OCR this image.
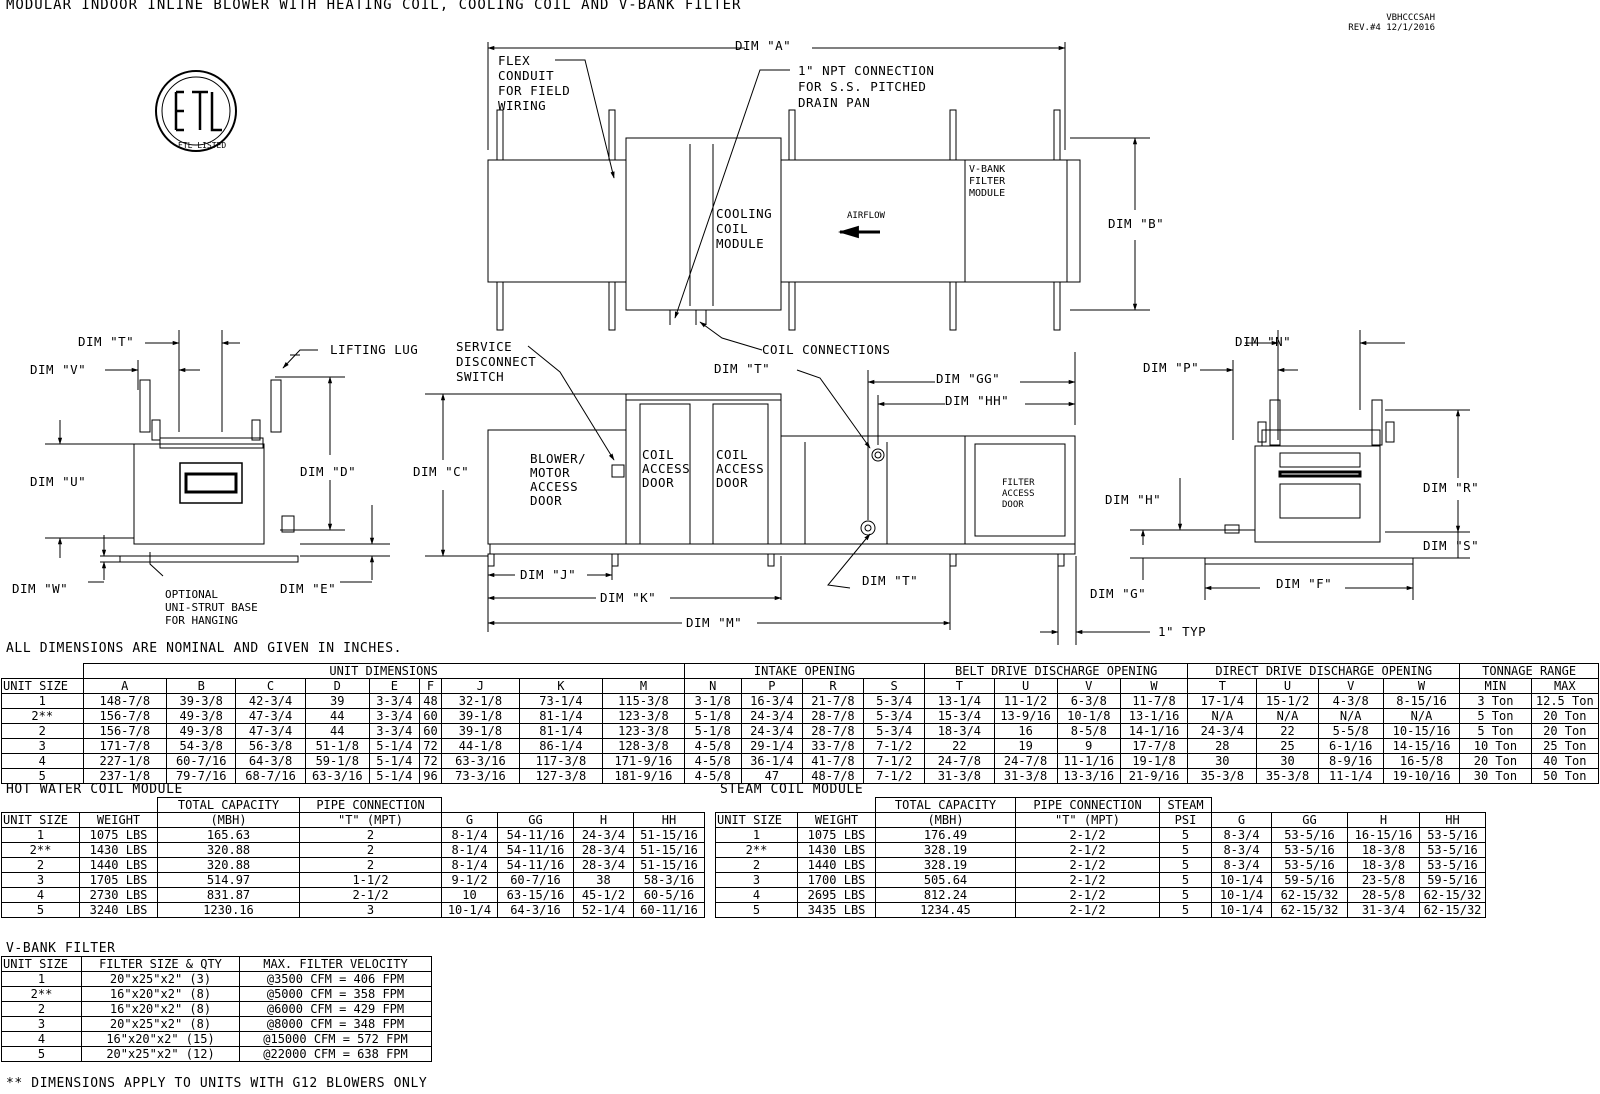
MODULAR INDOOR INLINE BLOWER WITH HEATING COIL, COOLING COIL AND V-BANK FILTER
VBHCCCSAH
REV.#4 12/1/2016
ETL LISTED
DIM "A"
1" NPT CONNECTION
FOR S.S. PITCHED
DRAIN PAN
FLEX
CONDUIT
FOR FIELD
WIRING
COOLING
COIL
MODULE
AIRFLOW
V-BANK
FILTER
MODULE
DIM "B"
COIL CONNECTIONS
LIFTING LUG
DIM "T"
DIM "V"
DIM "U"
DIM "D"
DIM "W"	DIM "E"
OPTIONAL
UNI-STRUT BASE
FOR HANGING
SERVICE
DISCONNECT
SWITCH
DIM "T"
DIM "GG"
DIM "HH"
DIM "C"
BLOWER/
MOTOR
ACCESS
DOOR
COIL
ACCESS
DOOR
COIL
ACCESS
DOOR	FILTER
ACCESS
DOOR
DIM "J"
DIM "K"
DIM "M"
DIM "T"
DIM "N"
DIM "P"
DIM "H"
DIM "R"
DIM "S"
DIM "G"
DIM "F"
1" TYP
ALL DIMENSIONS ARE NOMINAL AND GIVEN IN INCHES.
	UNIT DIMENSIONS									INTAKE OPENING				BELT DRIVE DISCHARGE OPENING				DIRECT DRIVE DISCHARGE OPENING				TONNAGE RANGE	
UNIT SIZE	A	B	C	D	E	F	J	K	M	N	P	R	S	T	U	V	W	T	U	V	W	MIN	MAX
1	148-7/8	39-3/8	42-3/4	39	3-3/4	48	32-1/8	73-1/4	115-3/8	3-1/8	16-3/4	21-7/8	5-3/4	13-1/4	11-1/2	6-3/8	11-7/8	17-1/4	15-1/2	4-3/8	8-15/16	3 Ton	12.5 Ton
2**	156-7/8	49-3/8	47-3/4	44	3-3/4	60	39-1/8	81-1/4	123-3/8	5-1/8	24-3/4	28-7/8	5-3/4	15-3/4	13-9/16	10-1/8	13-1/16	N/A	N/A	N/A	N/A	5 Ton	20 Ton
2	156-7/8	49-3/8	47-3/4	44	3-3/4	60	39-1/8	81-1/4	123-3/8	5-1/8	24-3/4	28-7/8	5-3/4	18-3/4	16	8-5/8	14-1/16	24-3/4	22	5-5/8	10-15/16	5 Ton	20 Ton
3	171-7/8	54-3/8	56-3/8	51-1/8	5-1/4	72	44-1/8	86-1/4	128-3/8	4-5/8	29-1/4	33-7/8	7-1/2	22	19	9	17-7/8	28	25	6-1/16	14-15/16	10 Ton	25 Ton
4	227-1/8	60-7/16	64-3/8	59-1/8	5-1/4	72	63-3/16	117-3/8	171-9/16	4-5/8	36-1/4	41-7/8	7-1/2	24-7/8	24-7/8	11-1/16	19-1/8	30	30	8-9/16	16-5/8	20 Ton	40 Ton
5	237-1/8	79-7/16	68-7/16	63-3/16	5-1/4	96	73-3/16	127-3/8	181-9/16	4-5/8	47	48-7/8	7-1/2	31-3/8	31-3/8	13-3/16	21-9/16	35-3/8	35-3/8	11-1/4	19-10/16	30 Ton	50 Ton
HOT WATER COIL MODULE
		TOTAL CAPACITY	PIPE CONNECTION				
UNIT SIZE	WEIGHT	(MBH)	"T" (MPT)	G	GG	H	HH
1	1075 LBS	165.63	2	8-1/4	54-11/16	24-3/4	51-15/16
2**	1430 LBS	320.88	2	8-1/4	54-11/16	28-3/4	51-15/16
2	1440 LBS	320.88	2	8-1/4	54-11/16	28-3/4	51-15/16
3	1705 LBS	514.97	1-1/2	9-1/2	60-7/16	38	58-3/16
4	2730 LBS	831.87	2-1/2	10	63-15/16	45-1/2	60-5/16
5	3240 LBS	1230.16	3	10-1/4	64-3/16	52-1/4	60-11/16
STEAM COIL MODULE
		TOTAL CAPACITY	PIPE CONNECTION	STEAM				
UNIT SIZE	WEIGHT	(MBH)	"T" (MPT)	PSI	G	GG	H	HH
1	1075 LBS	176.49	2-1/2	5	8-3/4	53-5/16	16-15/16	53-5/16
2**	1430 LBS	328.19	2-1/2	5	8-3/4	53-5/16	18-3/8	53-5/16
2	1440 LBS	328.19	2-1/2	5	8-3/4	53-5/16	18-3/8	53-5/16
3	1700 LBS	505.64	2-1/2	5	10-1/4	59-5/16	23-5/8	59-5/16
4	2695 LBS	812.24	2-1/2	5	10-1/4	62-15/32	28-5/8	62-15/32
5	3435 LBS	1234.45	2-1/2	5	10-1/4	62-15/32	31-3/4	62-15/32
V-BANK FILTER
UNIT SIZE	FILTER SIZE & QTY	MAX. FILTER VELOCITY
1	20"x25"x2" (3)	@3500 CFM = 406 FPM
2**	16"x20"x2" (8)	@5000 CFM = 358 FPM
2	16"x20"x2" (8)	@6000 CFM = 429 FPM
3	20"x25"x2" (8)	@8000 CFM = 348 FPM
4	16"x20"x2" (15)	@15000 CFM = 572 FPM
5	20"x25"x2" (12)	@22000 CFM = 638 FPM
** DIMENSIONS APPLY TO UNITS WITH G12 BLOWERS ONLY
